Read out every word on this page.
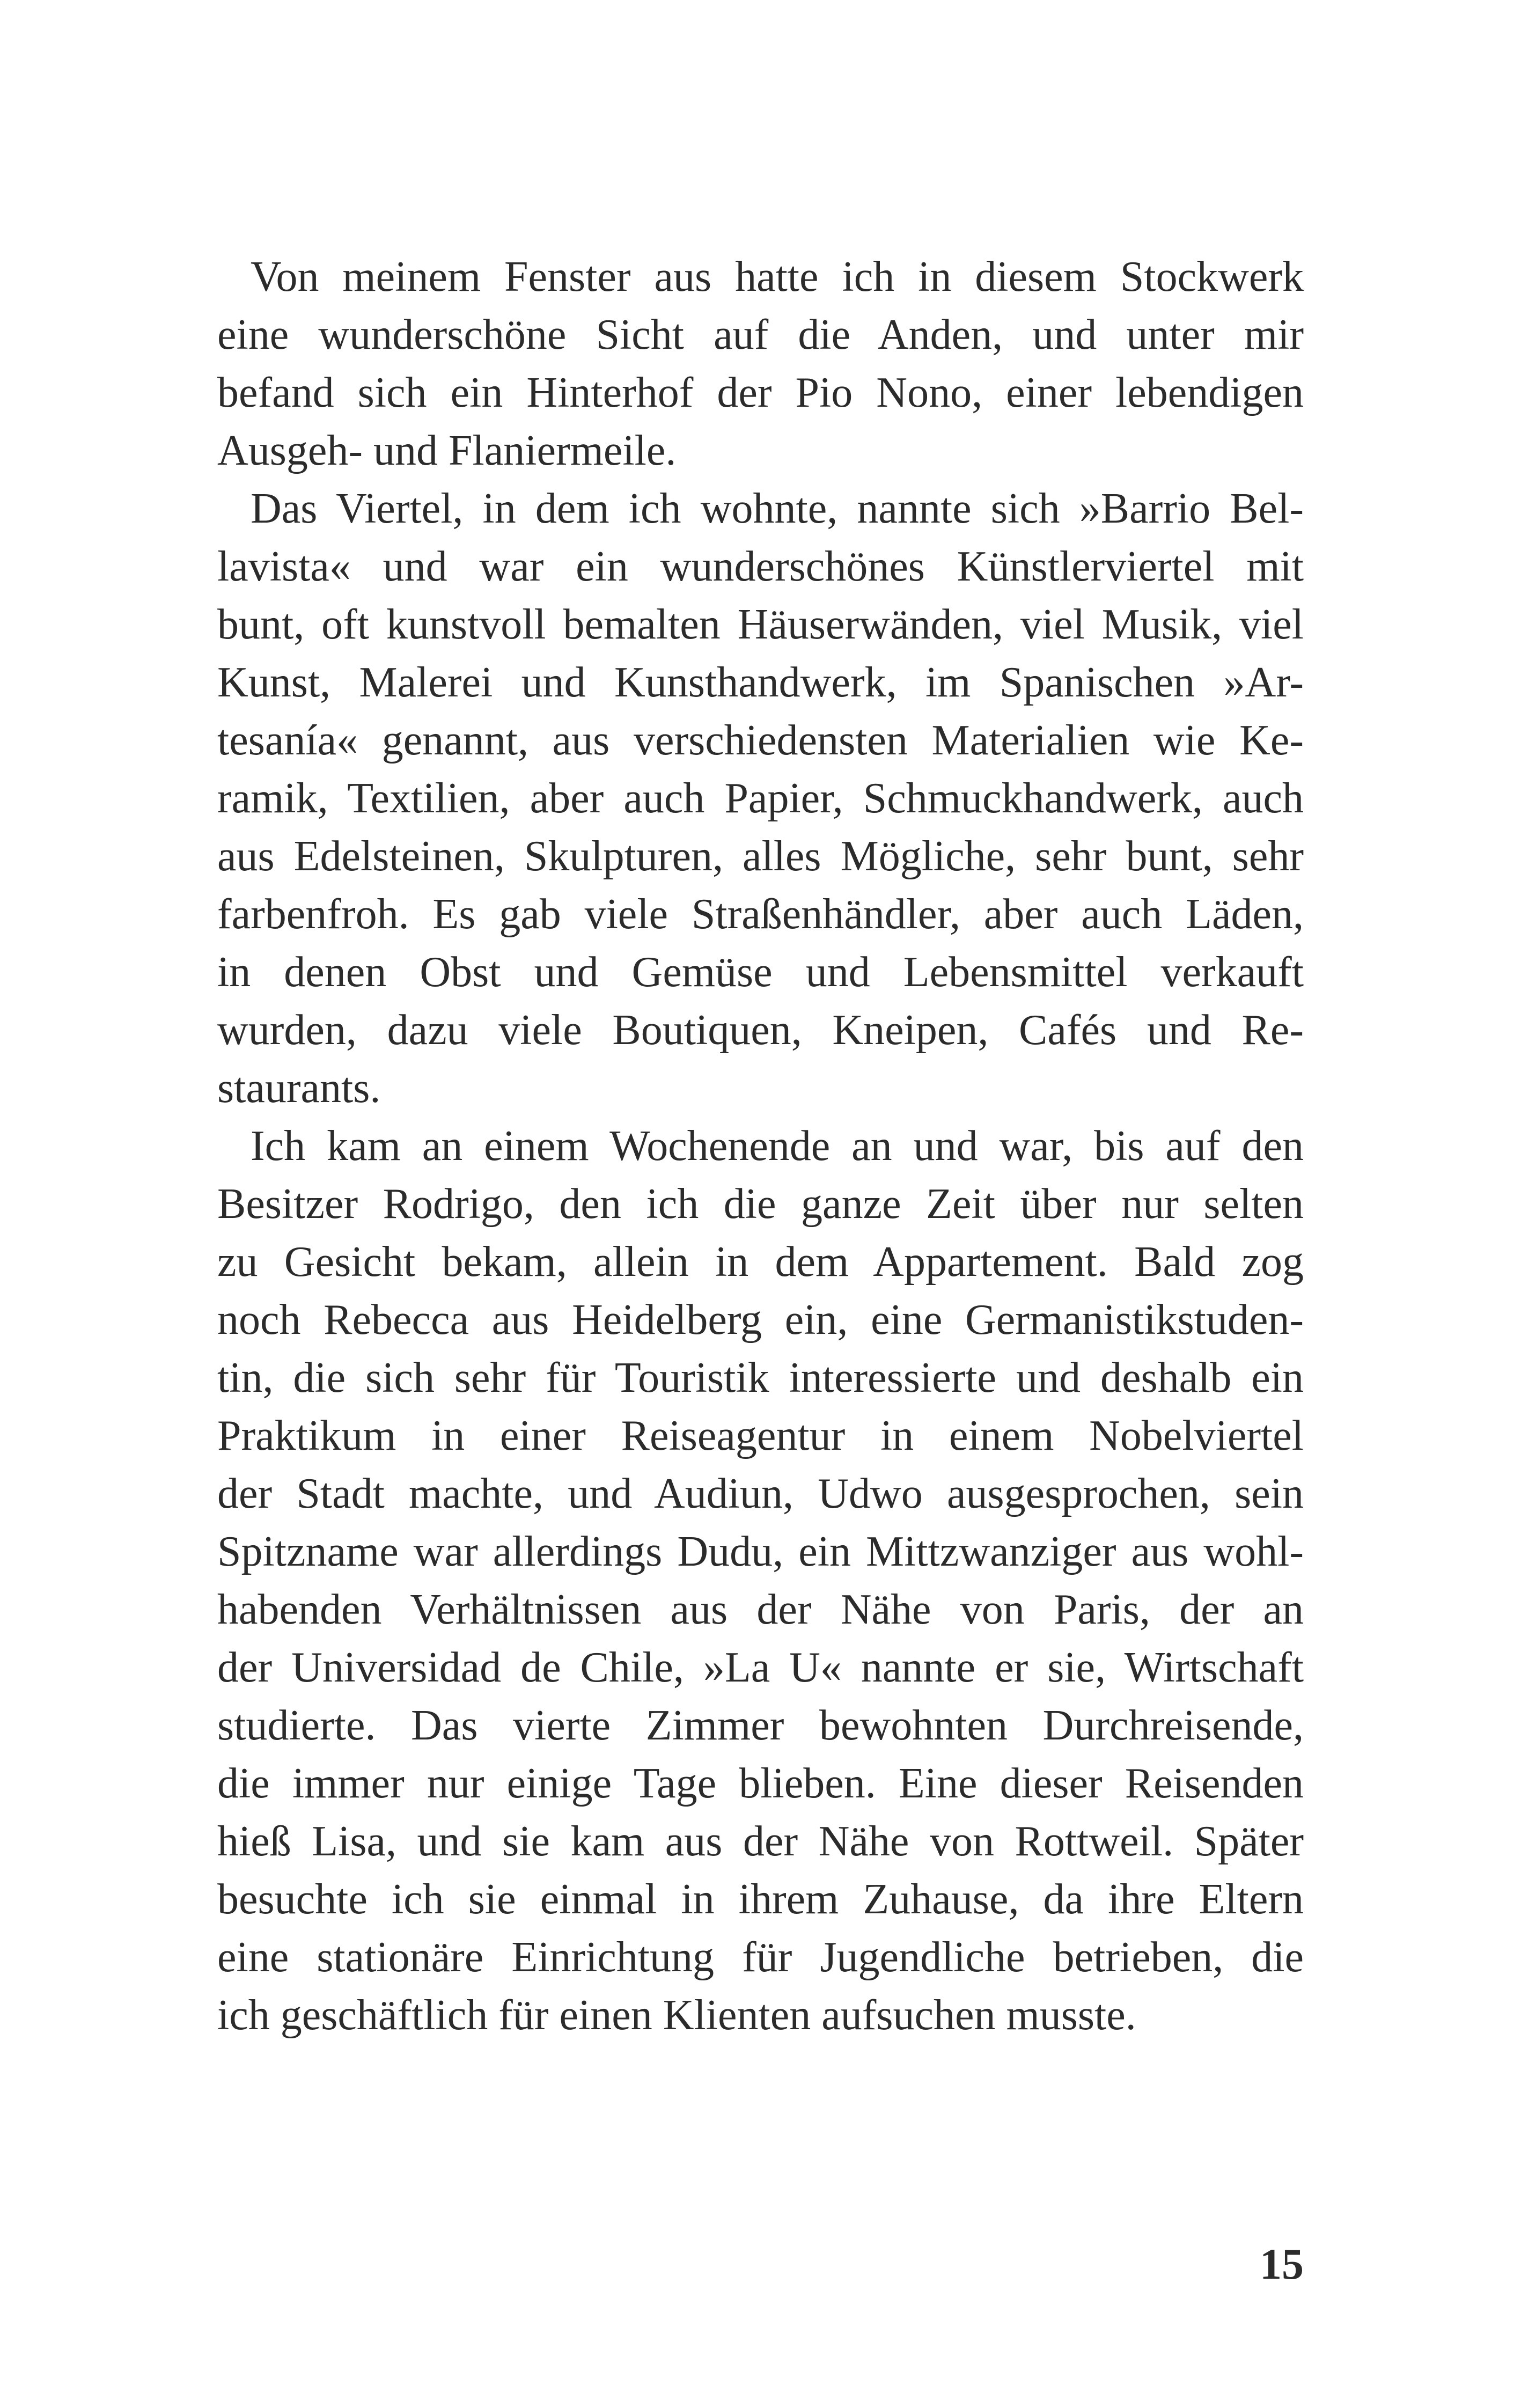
Von meinem Fenster aus hatte ich in diesem Stockwerk
eine wunderschöne Sicht auf die Anden, und unter mir
befand sich ein Hinterhof der Pio Nono, einer lebendigen
Ausgeh- und Flaniermeile.
Das Viertel, in dem ich wohnte, nannte sich »Barrio Bel-
lavista« und war ein wunderschönes Künstlerviertel mit
bunt, oft kunstvoll bemalten Häuserwänden, viel Musik, viel
Kunst, Malerei und Kunsthandwerk, im Spanischen »Ar-
tesanía« genannt, aus verschiedensten Materialien wie Ke-
ramik, Textilien, aber auch Papier, Schmuckhandwerk, auch
aus Edelsteinen, Skulpturen, alles Mögliche, sehr bunt, sehr
farbenfroh. Es gab viele Straßenhändler, aber auch Läden,
in denen Obst und Gemüse und Lebensmittel verkauft
wurden, dazu viele Boutiquen, Kneipen, Cafés und Re-
staurants.
Ich kam an einem Wochenende an und war, bis auf den
Besitzer Rodrigo, den ich die ganze Zeit über nur selten
zu Gesicht bekam, allein in dem Appartement. Bald zog
noch Rebecca aus Heidelberg ein, eine Germanistikstuden-
tin, die sich sehr für Touristik interessierte und deshalb ein
Praktikum in einer Reiseagentur in einem Nobelviertel
der Stadt machte, und Audiun, Udwo ausgesprochen, sein
Spitzname war allerdings Dudu, ein Mittzwanziger aus wohl-
habenden Verhältnissen aus der Nähe von Paris, der an
der Universidad de Chile, »La U« nannte er sie, Wirtschaft
studierte. Das vierte Zimmer bewohnten Durchreisende,
die immer nur einige Tage blieben. Eine dieser Reisenden
hieß Lisa, und sie kam aus der Nähe von Rottweil. Später
besuchte ich sie einmal in ihrem Zuhause, da ihre Eltern
eine stationäre Einrichtung für Jugendliche betrieben, die
ich geschäftlich für einen Klienten aufsuchen musste.
15
